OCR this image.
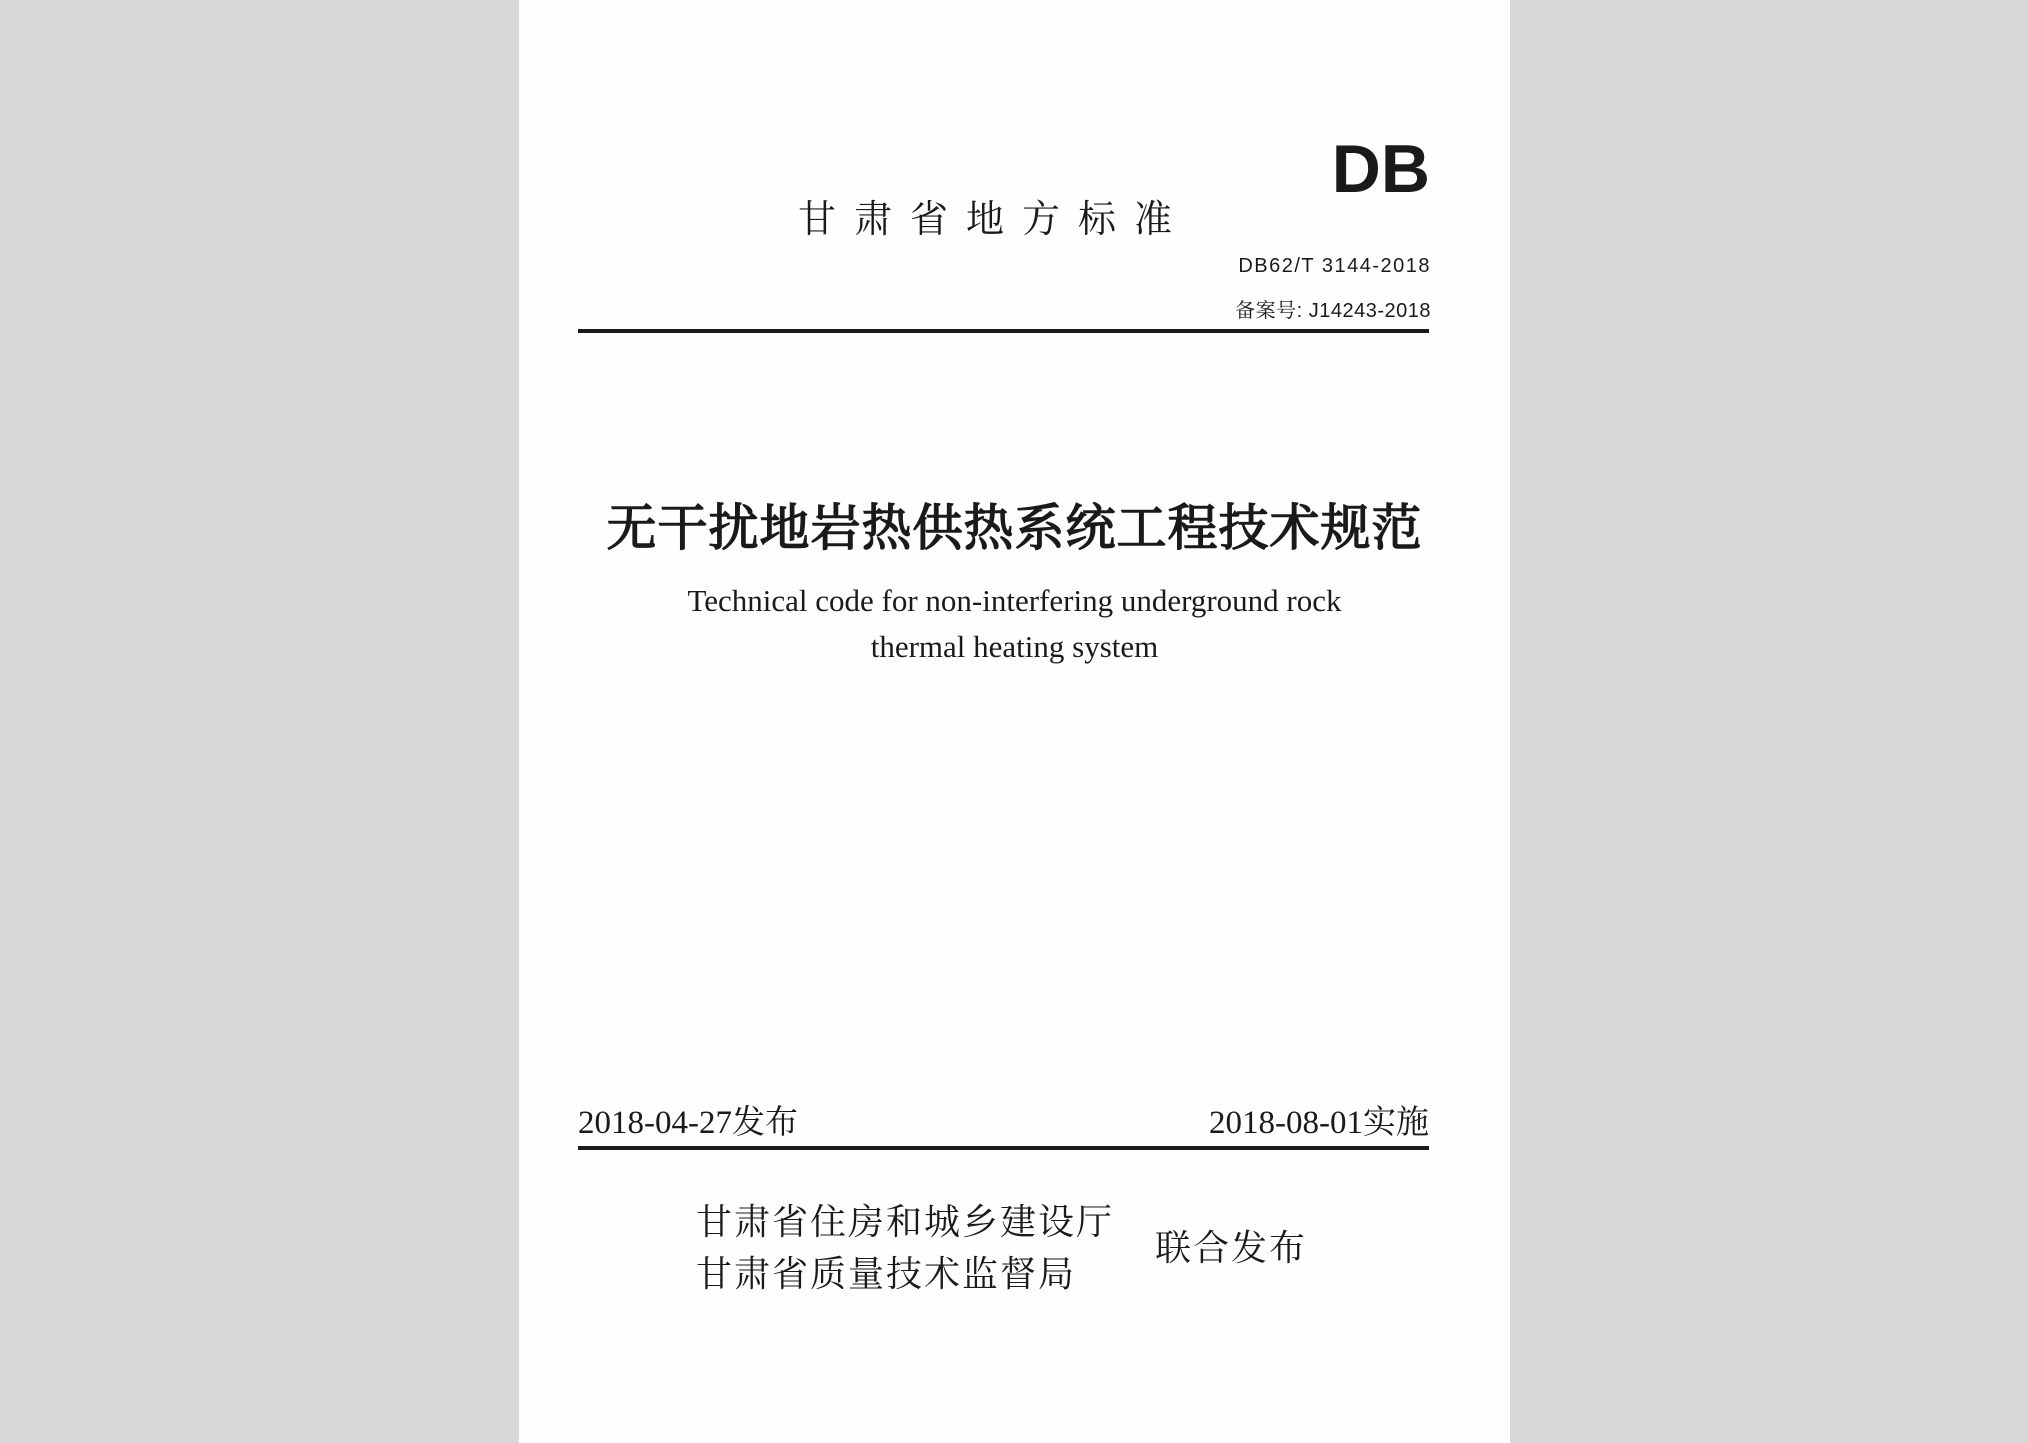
甘肃省地方标准
DB
DB62/T 3144-2018
备案号: J14243-2018
无干扰地岩热供热系统工程技术规范
Technical code for non-interfering underground rock
thermal heating system
2018-04-27发布	2018-08-01实施
甘肃省住房和城乡建设厅
甘肃省质量技术监督局
联合发布
